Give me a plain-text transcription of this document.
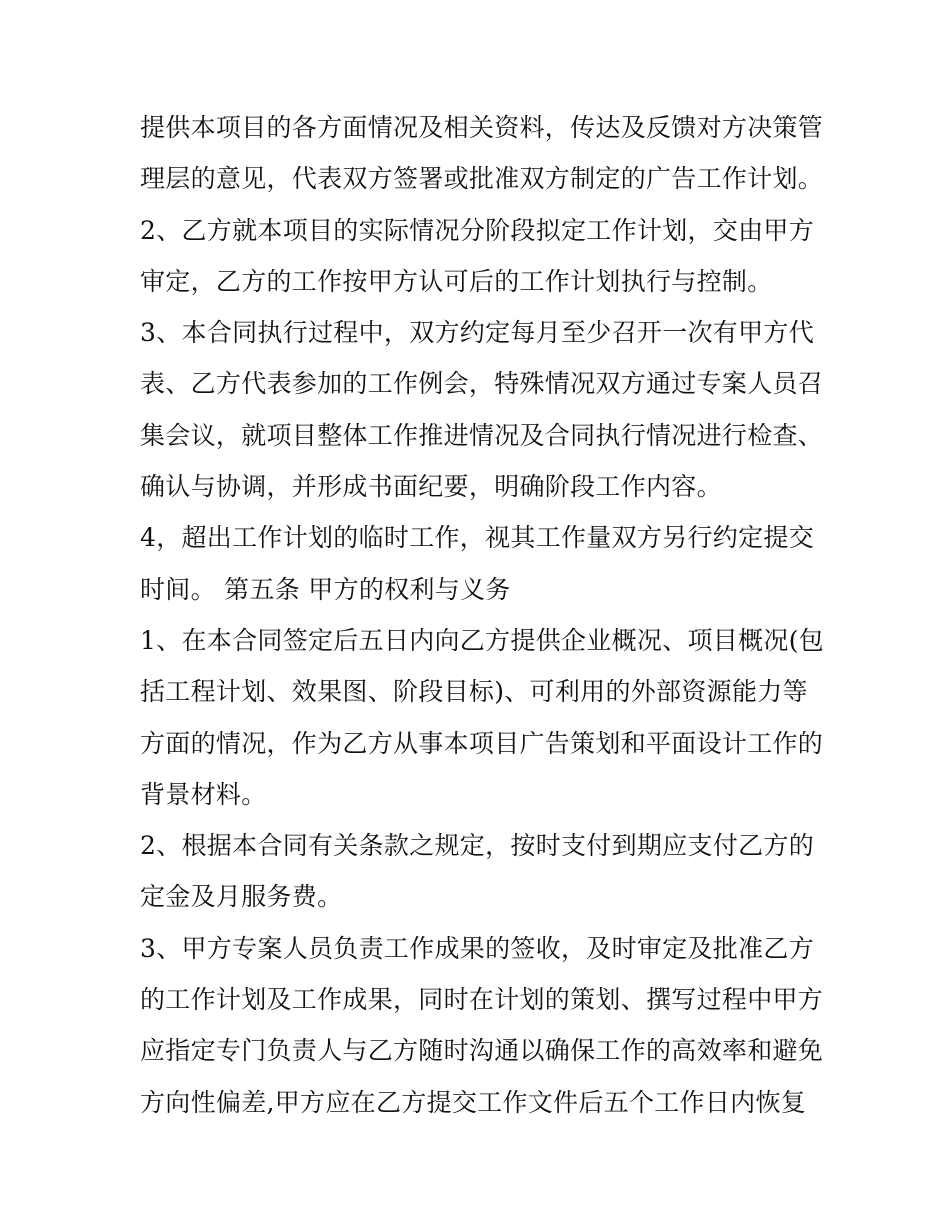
提供本项目的各方面情况及相关资料，传达及反馈对方决策管
理层的意见，代表双方签署或批准双方制定的广告工作计划。
2、乙方就本项目的实际情况分阶段拟定工作计划，交由甲方
审定，乙方的工作按甲方认可后的工作计划执行与控制。
3、本合同执行过程中，双方约定每月至少召开一次有甲方代
表、乙方代表参加的工作例会，特殊情况双方通过专案人员召
集会议，就项目整体工作推进情况及合同执行情况进行检查、
确认与协调，并形成书面纪要，明确阶段工作内容。
4，超出工作计划的临时工作，视其工作量双方另行约定提交
时间。 第五条 甲方的权利与义务
1、在本合同签定后五日内向乙方提供企业概况、项目概况(包
括工程计划、效果图、阶段目标)、可利用的外部资源能力等
方面的情况，作为乙方从事本项目广告策划和平面设计工作的
背景材料。
2、根据本合同有关条款之规定，按时支付到期应支付乙方的
定金及月服务费。
3、甲方专案人员负责工作成果的签收，及时审定及批准乙方
的工作计划及工作成果，同时在计划的策划、撰写过程中甲方
应指定专门负责人与乙方随时沟通以确保工作的高效率和避免
方向性偏差,甲方应在乙方提交工作文件后五个工作日内恢复
